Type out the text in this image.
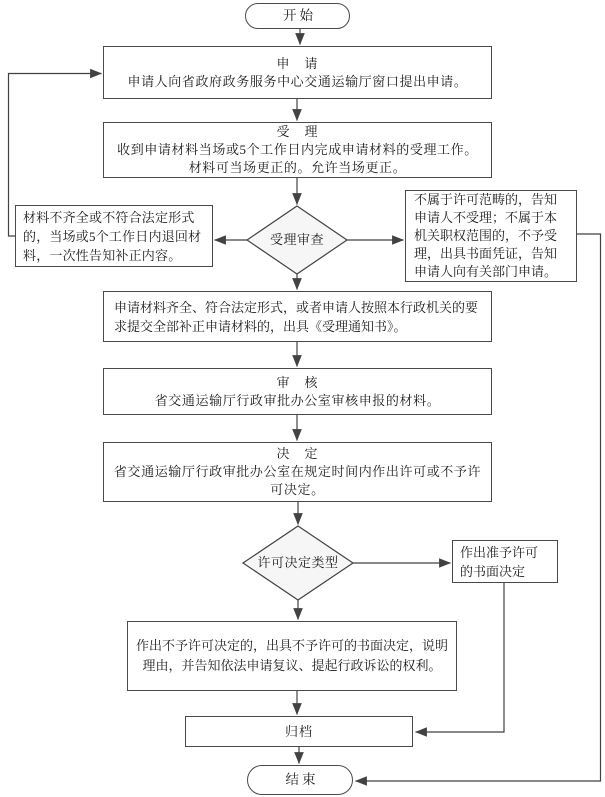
开始
申　请
申请人向省政府政务服务中心交通运输厅窗口提出申请。
受　理
收到申请材料当场或5个工作日内完成申请材料的受理工作。材料可当场更正的。允许当场更正。
受理审查
材料不齐全或不符合法定形式的，当场或5个工作日内退回材料，一次性告知补正内容。
不属于许可范畴的，告知申请人不受理；不属于本机关职权范围的，不予受理，出具书面凭证，告知申请人向有关部门申请。
申请材料齐全、符合法定形式，或者申请人按照本行政机关的要求提交全部补正申请材料的，出具《受理通知书》。
审　核
省交通运输厅行政审批办公室审核申报的材料。
决　定
省交通运输厅行政审批办公室在规定时间内作出许可或不予许可决定。
许可决定类型
作出准予许可的书面决定
作出不予许可决定的，出具不予许可的书面决定，说明理由，并告知依法申请复议、提起行政诉讼的权利。
归档
结束
